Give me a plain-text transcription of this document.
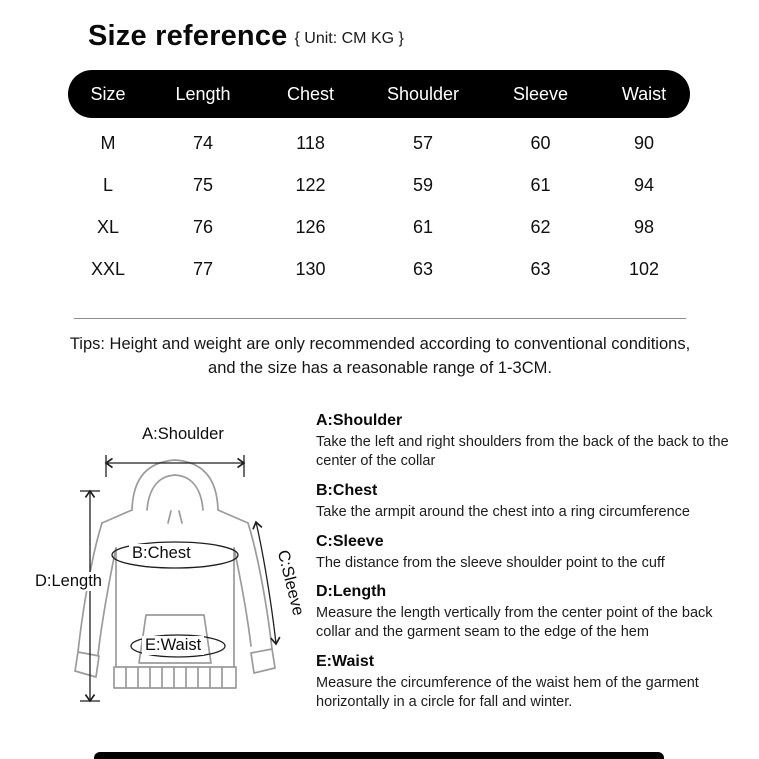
Size reference { Unit: CM KG }
Size	Length	Chest	Shoulder	Sleeve	Waist
M	74	118	57	60	90
L	75	122	59	61	94
XL	76	126	61	62	98
XXL	77	130	63	63	102

Tips: Height and weight are only recommended according to conventional conditions, and the size has a reasonable range of 1-3CM.

A:Shoulder
B:Chest	C:Sleeve
D:Length
E:Waist
A:Shoulder
Take the left and right shoulders from the back of the back to the center of the collar
B:Chest
Take the armpit around the chest into a ring circumference
C:Sleeve
The distance from the sleeve shoulder point to the cuff
D:Length
Measure the length vertically from the center point of the back collar and the garment seam to the edge of the hem
E:Waist
Measure the circumference of the waist hem of the garment horizontally in a circle for fall and winter.
